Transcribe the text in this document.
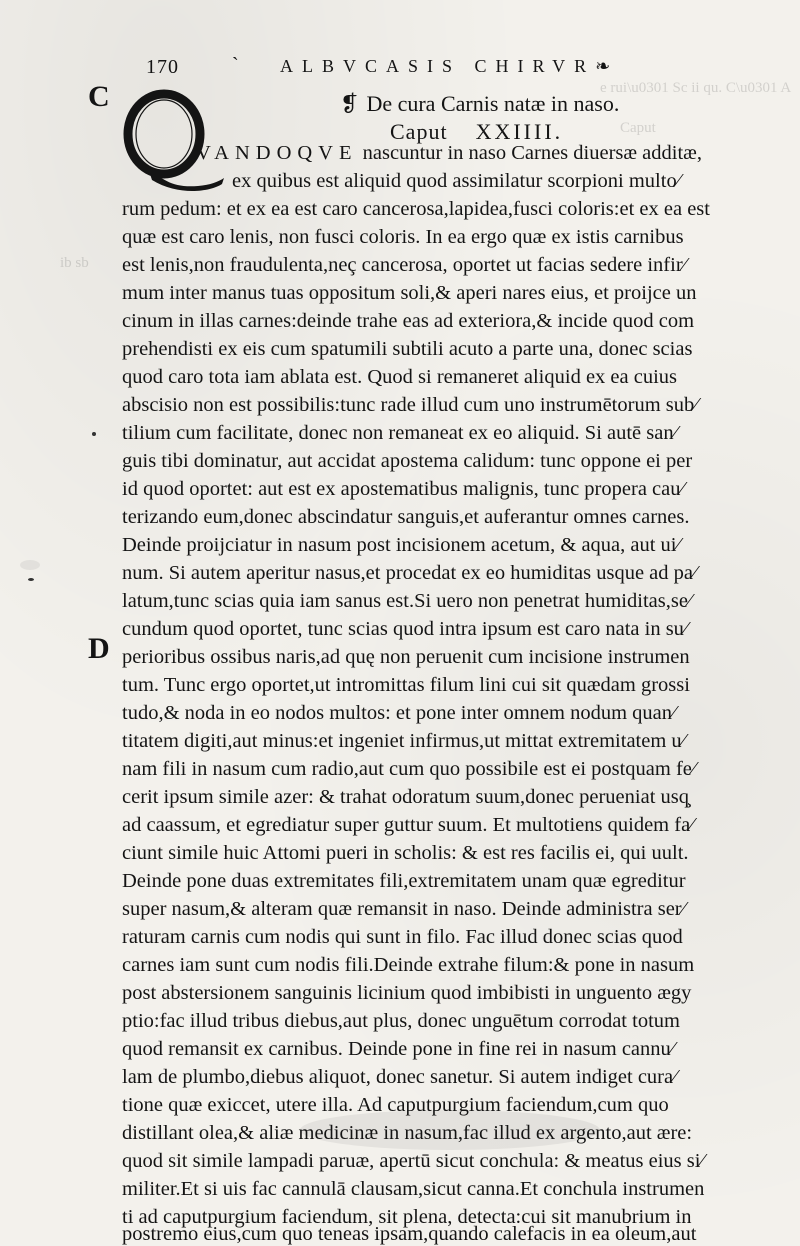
e rui\u0301 Sc ii qu. C\u0301 A
Caput
ib sb
170	ˋ ALBVCASIS CHIRVR❧
C
D
❡ De cura Carnis natæ in naso.
Caput XXIIII.
VANDOQVE nascuntur in naso Carnes diuersæ additæ,
ex quibus est aliquid quod assimilatur scorpioni multo⁄
rum pedum: et ex ea est caro cancerosa,lapidea,fusci coloris:et ex ea est
quæ est caro lenis, non fusci coloris. In ea ergo quæ ex istis carnibus
est lenis,non fraudulenta,neç cancerosa, oportet ut facias sedere infir⁄
mum inter manus tuas oppositum soli,& aperi nares eius, et proijce un
cinum in illas carnes:deinde trahe eas ad exteriora,& incide quod com
prehendisti ex eis cum spatumili subtili acuto a parte una, donec scias
quod caro tota iam ablata est. Quod si remaneret aliquid ex ea cuius
abscisio non est possibilis:tunc rade illud cum uno instrumētorum sub⁄
tilium cum facilitate, donec non remaneat ex eo aliquid. Si autē san⁄
guis tibi dominatur, aut accidat apostema calidum: tunc oppone ei per
id quod oportet: aut est ex apostematibus malignis, tunc propera cau⁄
terizando eum,donec abscindatur sanguis,et auferantur omnes carnes.
Deinde proijciatur in nasum post incisionem acetum, & aqua, aut ui⁄
num. Si autem aperitur nasus,et procedat ex eo humiditas usque ad pa⁄
latum,tunc scias quia iam sanus est.Si uero non penetrat humiditas,se⁄
cundum quod oportet, tunc scias quod intra ipsum est caro nata in su⁄
perioribus ossibus naris,ad quę non peruenit cum incisione instrumen
tum. Tunc ergo oportet,ut intromittas filum lini cui sit quædam grossi
tudo,& noda in eo nodos multos: et pone inter omnem nodum quan⁄
titatem digiti,aut minus:et ingeniet infirmus,ut mittat extremitatem u⁄
nam fili in nasum cum radio,aut cum quo possibile est ei postquam fe⁄
cerit ipsum simile azer: & trahat odoratum suum,donec perueniat usq̧
ad caassum, et egrediatur super guttur suum. Et multotiens quidem fa⁄
ciunt simile huic Attomi pueri in scholis: & est res facilis ei, qui uult.
Deinde pone duas extremitates fili,extremitatem unam quæ egreditur
super nasum,& alteram quæ remansit in naso. Deinde administra ser⁄
raturam carnis cum nodis qui sunt in filo. Fac illud donec scias quod
carnes iam sunt cum nodis fili.Deinde extrahe filum:& pone in nasum
post abstersionem sanguinis licinium quod imbibisti in unguento ægy
ptio:fac illud tribus diebus,aut plus, donec unguētum corrodat totum
quod remansit ex carnibus. Deinde pone in fine rei in nasum cannu⁄
lam de plumbo,diebus aliquot, donec sanetur. Si autem indiget cura⁄
tione quæ exiccet, utere illa. Ad caputpurgium faciendum,cum quo
distillant olea,& aliæ medicinæ in nasum,fac illud ex argento,aut ære:
quod sit simile lampadi paruæ, apertū sicut conchula: & meatus eius si⁄
militer.Et si uis fac cannulā clausam,sicut canna.Et conchula instrumen
ti ad caputpurgium faciendum, sit plena, detecta:cui sit manubrium in
postremo eius,cum quo teneas ipsam,quando calefacis in ea oleum,aut
